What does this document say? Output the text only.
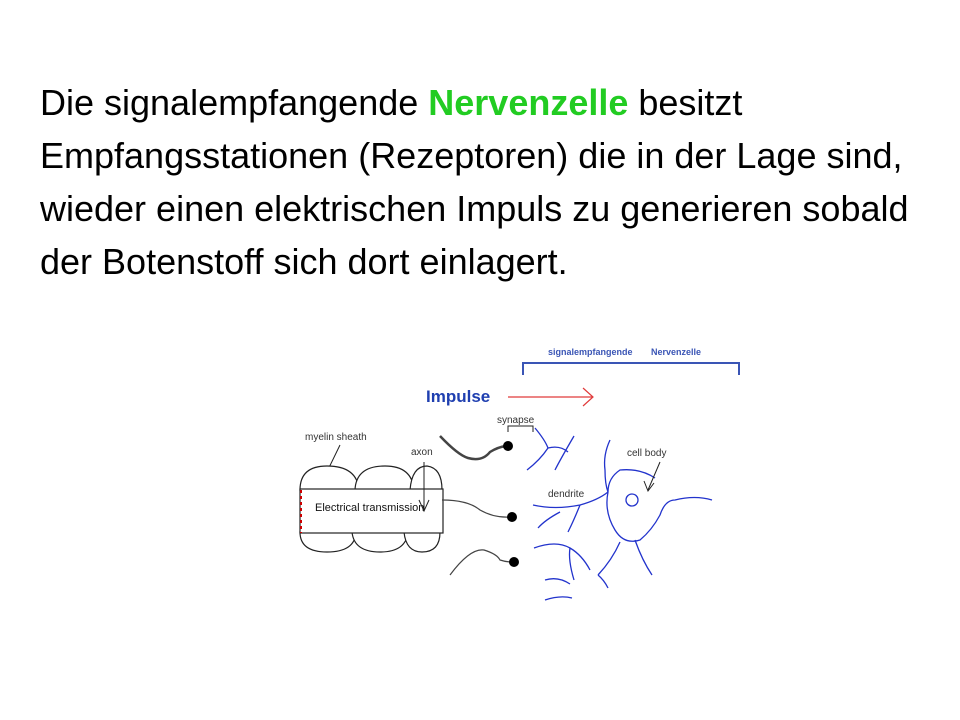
Die signalempfangende Nervenzelle besitzt Empfangsstationen (Rezeptoren) die in der Lage sind, wieder einen elektrischen Impuls zu generieren sobald der Botenstoff sich dort einlagert.

signalempfangende Nervenzelle
Impulse
synapse
myelin sheath
Electrical transmission
axon	cell body
dendrite
